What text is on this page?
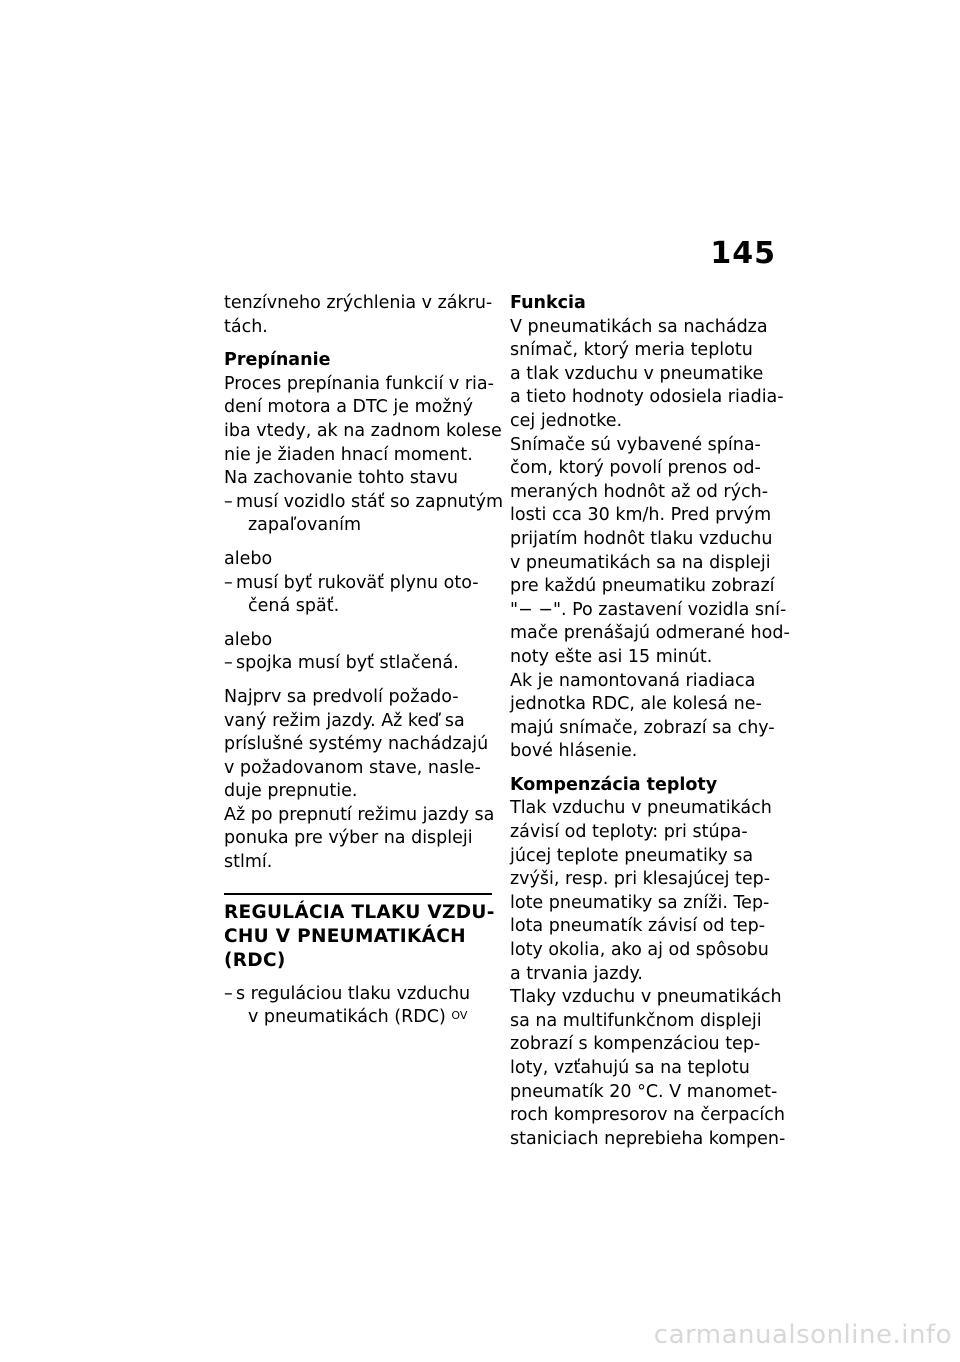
145
tenzívneho zrýchlenia v zákru-
tách.
Prepínanie
Proces prepínania funkcií v ria-
dení motora a DTC je možný
iba vtedy, ak na zadnom kolese
nie je žiaden hnací moment.
Na zachovanie tohto stavu
– musí vozidlo stáť so zapnutým
zapaľovaním
alebo
– musí byť rukoväť plynu oto-
čená späť.
alebo
– spojka musí byť stlačená.
Najprv sa predvolí požado-
vaný režim jazdy. Až keď sa
príslušné systémy nachádzajú
v požadovanom stave, nasle-
duje prepnutie.
Až po prepnutí režimu jazdy sa
ponuka pre výber na displeji
stlmí.
REGULÁCIA TLAKU VZDU-
CHU V PNEUMATIKÁCH
(RDC)
– s reguláciou tlaku vzduchu
v pneumatikách (RDC) $^{OV}$
Funkcia
V pneumatikách sa nachádza
snímač, ktorý meria teplotu
a tlak vzduchu v pneumatike
a tieto hodnoty odosiela riadia-
cej jednotke.
Snímače sú vybavené spína-
čom, ktorý povolí prenos od-
meraných hodnôt až od rých-
losti cca 30 km/h. Pred prvým
prijatím hodnôt tlaku vzduchu
v pneumatikách sa na displeji
pre každú pneumatiku zobrazí
"− −". Po zastavení vozidla sní-
mače prenášajú odmerané hod-
noty ešte asi 15 minút.
Ak je namontovaná riadiaca
jednotka RDC, ale kolesá ne-
majú snímače, zobrazí sa chy-
bové hlásenie.
Kompenzácia teploty
Tlak vzduchu v pneumatikách
závisí od teploty: pri stúpa-
júcej teplote pneumatiky sa
zvýši, resp. pri klesajúcej tep-
lote pneumatiky sa zníži. Tep-
lota pneumatík závisí od tep-
loty okolia, ako aj od spôsobu
a trvania jazdy.
Tlaky vzduchu v pneumatikách
sa na multifunkčnom displeji
zobrazí s kompenzáciou tep-
loty, vzťahujú sa na teplotu
pneumatík 20 °C. V manomet-
roch kompresorov na čerpacích
staniciach neprebieha kompen-
carmanualsonline.info
